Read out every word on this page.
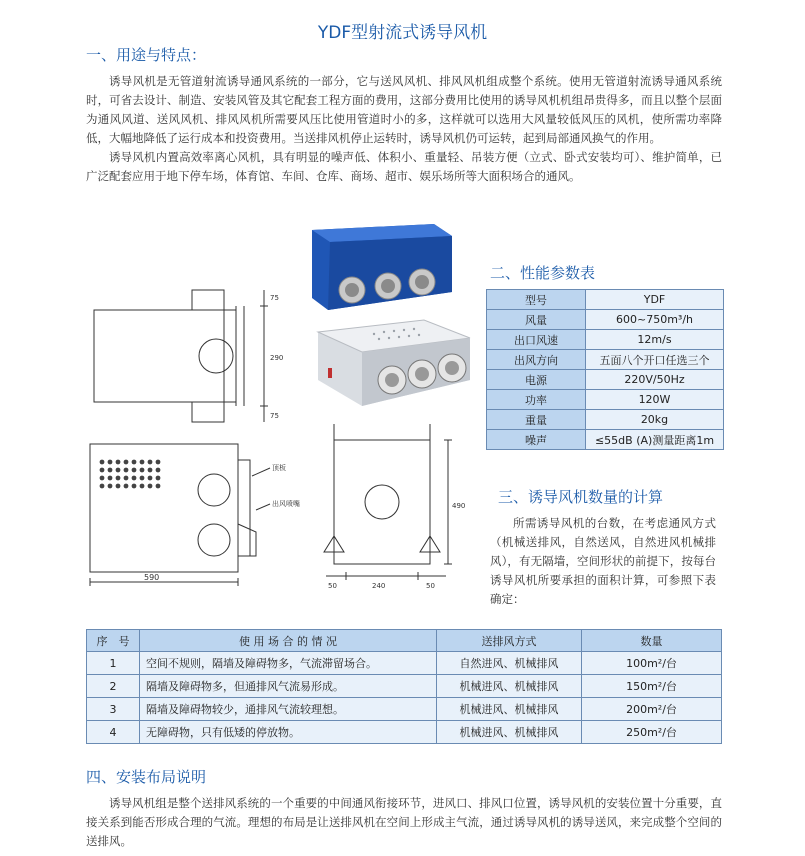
YDF型射流式诱导风机
一、用途与特点：

诱导风机是无管道射流诱导通风系统的一部分，它与送风风机、排风风机组成整个系统。使用无管道射流诱导通风系统时，可省去设计、制造、安装风管及其它配套工程方面的费用，这部分费用比使用的诱导风机机组昂贵得多，而且以整个层面为通风风道、送风风机、排风风机所需要风压比使用管道时小的多，这样就可以选用大风量较低风压的风机，使所需功率降低，大幅地降低了运行成本和投资费用。当送排风机停止运转时，诱导风机仍可运转，起到局部通风换气的作用。

诱导风机内置高效率离心风机，具有明显的噪声低、体积小、重量轻、吊装方便（立式、卧式安装均可）、维护简单，已广泛配套应用于地下停车场，体育馆、车间、仓库、商场、超市、娱乐场所等大面积场合的通风。

75
290
75
顶板
出风喷嘴
590
490
50	240	50
二、性能参数表
型号	YDF
风量	600~750m³/h
出口风速	12m/s
出风方向	五面八个开口任选三个
电源	220V/50Hz
功率	120W
重量	20kg
噪声	≤55dB (A)测量距离1m
三、诱导风机数量的计算

所需诱导风机的台数，在考虑通风方式（机械送排风，自然送风，自然进风机械排风），有无隔墙，空间形状的前提下，按每台诱导风机所要承担的面积计算，可参照下表确定：

序　号	使 用 场 合 的 情 况	送排风方式	数量
1	空间不规则，隔墙及障碍物多，气流滞留场合。	自然进风、机械排风	100m²/台
2	隔墙及障碍物多，但通排风气流易形成。	机械进风、机械排风	150m²/台
3	隔墙及障碍物较少，通排风气流较理想。	机械进风、机械排风	200m²/台
4	无障碍物，只有低矮的停放物。	机械进风、机械排风	250m²/台
四、安装布局说明

诱导风机组是整个送排风系统的一个重要的中间通风衔接环节，进风口、排风口位置，诱导风机的安装位置十分重要，直接关系到能否形成合理的气流。理想的布局是让送排风机在空间上形成主气流，通过诱导风机的诱导送风，来完成整个空间的送排风。
